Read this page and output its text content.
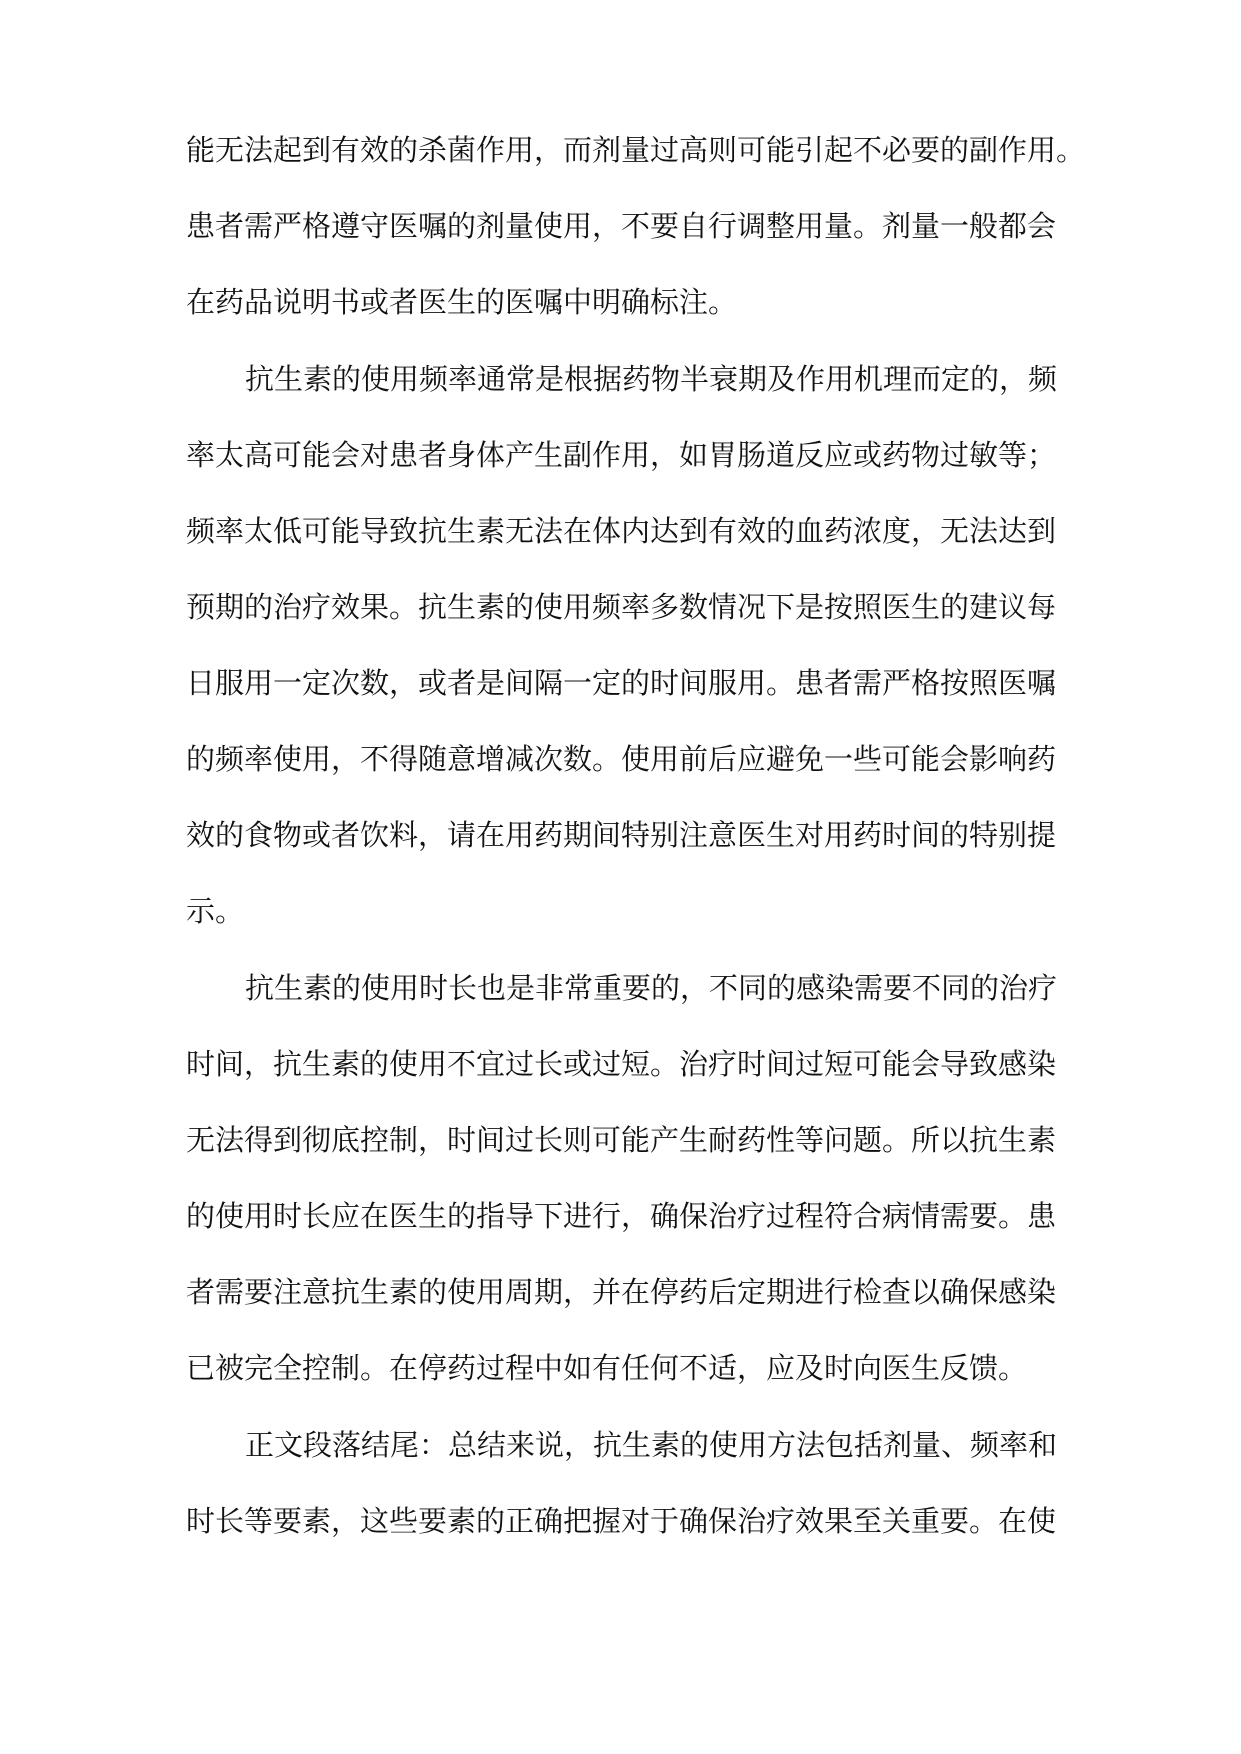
能无法起到有效的杀菌作用，而剂量过高则可能引起不必要的副作用。
患者需严格遵守医嘱的剂量使用，不要自行调整用量。剂量一般都会
在药品说明书或者医生的医嘱中明确标注。
抗生素的使用频率通常是根据药物半衰期及作用机理而定的，频
率太高可能会对患者身体产生副作用，如胃肠道反应或药物过敏等；
频率太低可能导致抗生素无法在体内达到有效的血药浓度，无法达到
预期的治疗效果。抗生素的使用频率多数情况下是按照医生的建议每
日服用一定次数，或者是间隔一定的时间服用。患者需严格按照医嘱
的频率使用，不得随意增减次数。使用前后应避免一些可能会影响药
效的食物或者饮料，请在用药期间特别注意医生对用药时间的特别提
示。
抗生素的使用时长也是非常重要的，不同的感染需要不同的治疗
时间，抗生素的使用不宜过长或过短。治疗时间过短可能会导致感染
无法得到彻底控制，时间过长则可能产生耐药性等问题。所以抗生素
的使用时长应在医生的指导下进行，确保治疗过程符合病情需要。患
者需要注意抗生素的使用周期，并在停药后定期进行检查以确保感染
已被完全控制。在停药过程中如有任何不适，应及时向医生反馈。
正文段落结尾：总结来说，抗生素的使用方法包括剂量、频率和
时长等要素，这些要素的正确把握对于确保治疗效果至关重要。在使
